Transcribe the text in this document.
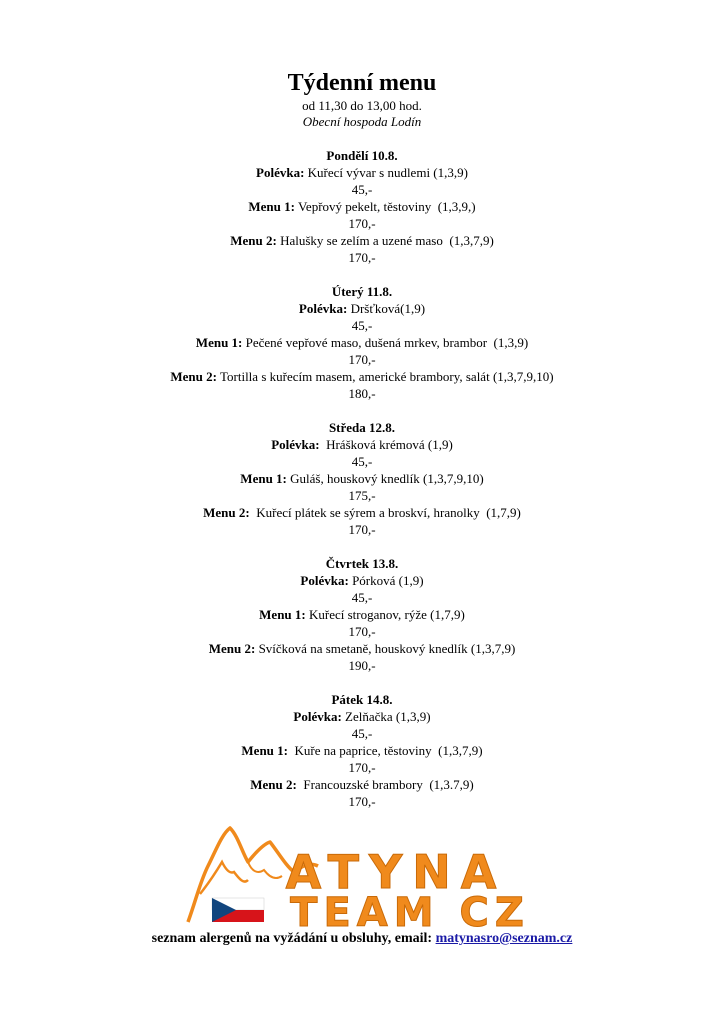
Týdenní menu
od 11,30 do 13,00 hod.
Obecní hospoda Lodín
Pondělí 10.8.
Polévka: Kuřecí vývar s nudlemi (1,3,9)
45,-
Menu 1: Vepřový pekelt, těstoviny  (1,3,9,)
170,-
Menu 2: Halušky se zelím a uzené maso  (1,3,7,9)
170,-
Úterý 11.8.
Polévka: Dršťková(1,9)
45,-
Menu 1: Pečené vepřové maso, dušená mrkev, brambor  (1,3,9)
170,-
Menu 2: Tortilla s kuřecím masem, americké brambory, salát (1,3,7,9,10)
180,-
Středa 12.8.
Polévka:  Hrášková krémová (1,9)
45,-
Menu 1: Guláš, houskový knedlík (1,3,7,9,10)
175,-
Menu 2:  Kuřecí plátek se sýrem a broskví, hranolky  (1,7,9)
170,-
Čtvrtek 13.8.
Polévka: Pórková (1,9)
45,-
Menu 1: Kuřecí stroganov, rýže (1,7,9)
170,-
Menu 2: Svíčková na smetaně, houskový knedlík (1,3,7,9)
190,-
Pátek 14.8.
Polévka: Zelňačka (1,3,9)
45,-
Menu 1:  Kuře na paprice, těstoviny  (1,3,7,9)
170,-
Menu 2:  Francouzské brambory  (1,3.7,9)
170,-
ATYNA
TEAM CZ
seznam alergenů na vyžádání u obsluhy, email: matynasro@seznam.cz
